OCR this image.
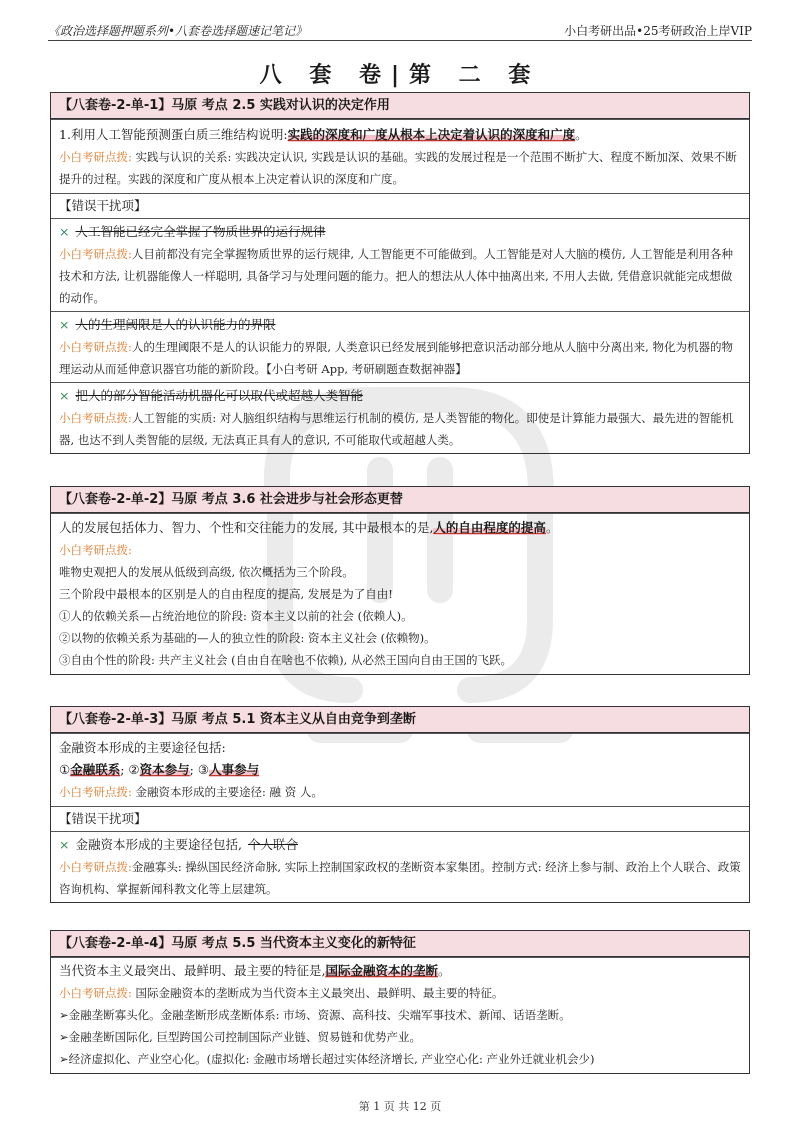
《政治选择题押题系列•八套卷选择题速记笔记》	小白考研出品•25考研政治上岸VIP
八 套 卷|第 二 套
【八套卷-2-单-1】马原 考点 2.5 实践对认识的决定作用
1.利用人工智能预测蛋白质三维结构说明:实践的深度和广度从根本上决定着认识的深度和广度。
小白考研点拨: 实践与认识的关系: 实践决定认识, 实践是认识的基础。实践的发展过程是一个范围不断扩大、程度不断加深、效果不断提升的过程。实践的深度和广度从根本上决定着认识的深度和广度。
【错误干扰项】
× 人工智能已经完全掌握了物质世界的运行规律
小白考研点拨:人目前都没有完全掌握物质世界的运行规律, 人工智能更不可能做到。人工智能是对人大脑的模仿, 人工智能是利用各种技术和方法, 让机器能像人一样聪明, 具备学习与处理问题的能力。把人的想法从人体中抽离出来, 不用人去做, 凭借意识就能完成想做的动作。
× 人的生理阈限是人的认识能力的界限
小白考研点拨:人的生理阈限不是人的认识能力的界限, 人类意识已经发展到能够把意识活动部分地从人脑中分离出来, 物化为机器的物理运动从而延伸意识器官功能的新阶段。【小白考研 App, 考研刷题查数据神器】
× 把人的部分智能活动机器化可以取代或超越人类智能
小白考研点拨:人工智能的实质: 对人脑组织结构与思维运行机制的模仿, 是人类智能的物化。即使是计算能力最强大、最先进的智能机器, 也达不到人类智能的层级, 无法真正具有人的意识, 不可能取代或超越人类。
【八套卷-2-单-2】马原 考点 3.6 社会进步与社会形态更替
人的发展包括体力、智力、个性和交往能力的发展, 其中最根本的是,人的自由程度的提高。
小白考研点拨:
唯物史观把人的发展从低级到高级, 依次概括为三个阶段。
三个阶段中最根本的区别是人的自由程度的提高, 发展是为了自由!
①人的依赖关系—占统治地位的阶段: 资本主义以前的社会 (依赖人)。
②以物的依赖关系为基础的—人的独立性的阶段: 资本主义社会 (依赖物)。
③自由个性的阶段: 共产主义社会 (自由自在啥也不依赖), 从必然王国向自由王国的飞跃。
【八套卷-2-单-3】马原 考点 5.1 资本主义从自由竞争到垄断
金融资本形成的主要途径包括:
①金融联系; ②资本参与; ③人事参与
小白考研点拨: 金融资本形成的主要途径: 融 资 人。
【错误干扰项】
× 金融资本形成的主要途径包括, 个人联合
小白考研点拨:金融寡头: 操纵国民经济命脉, 实际上控制国家政权的垄断资本家集团。控制方式: 经济上参与制、政治上个人联合、政策咨询机构、掌握新闻科教文化等上层建筑。
【八套卷-2-单-4】马原 考点 5.5 当代资本主义变化的新特征
当代资本主义最突出、最鲜明、最主要的特征是,国际金融资本的垄断。
小白考研点拨: 国际金融资本的垄断成为当代资本主义最突出、最鲜明、最主要的特征。
➢金融垄断寡头化。金融垄断形成垄断体系: 市场、资源、高科技、尖端军事技术、新闻、话语垄断。
➢金融垄断国际化, 巨型跨国公司控制国际产业链、贸易链和优势产业。
➢经济虚拟化、产业空心化。(虚拟化: 金融市场增长超过实体经济增长, 产业空心化: 产业外迁就业机会少)
第 1 页 共 12 页
